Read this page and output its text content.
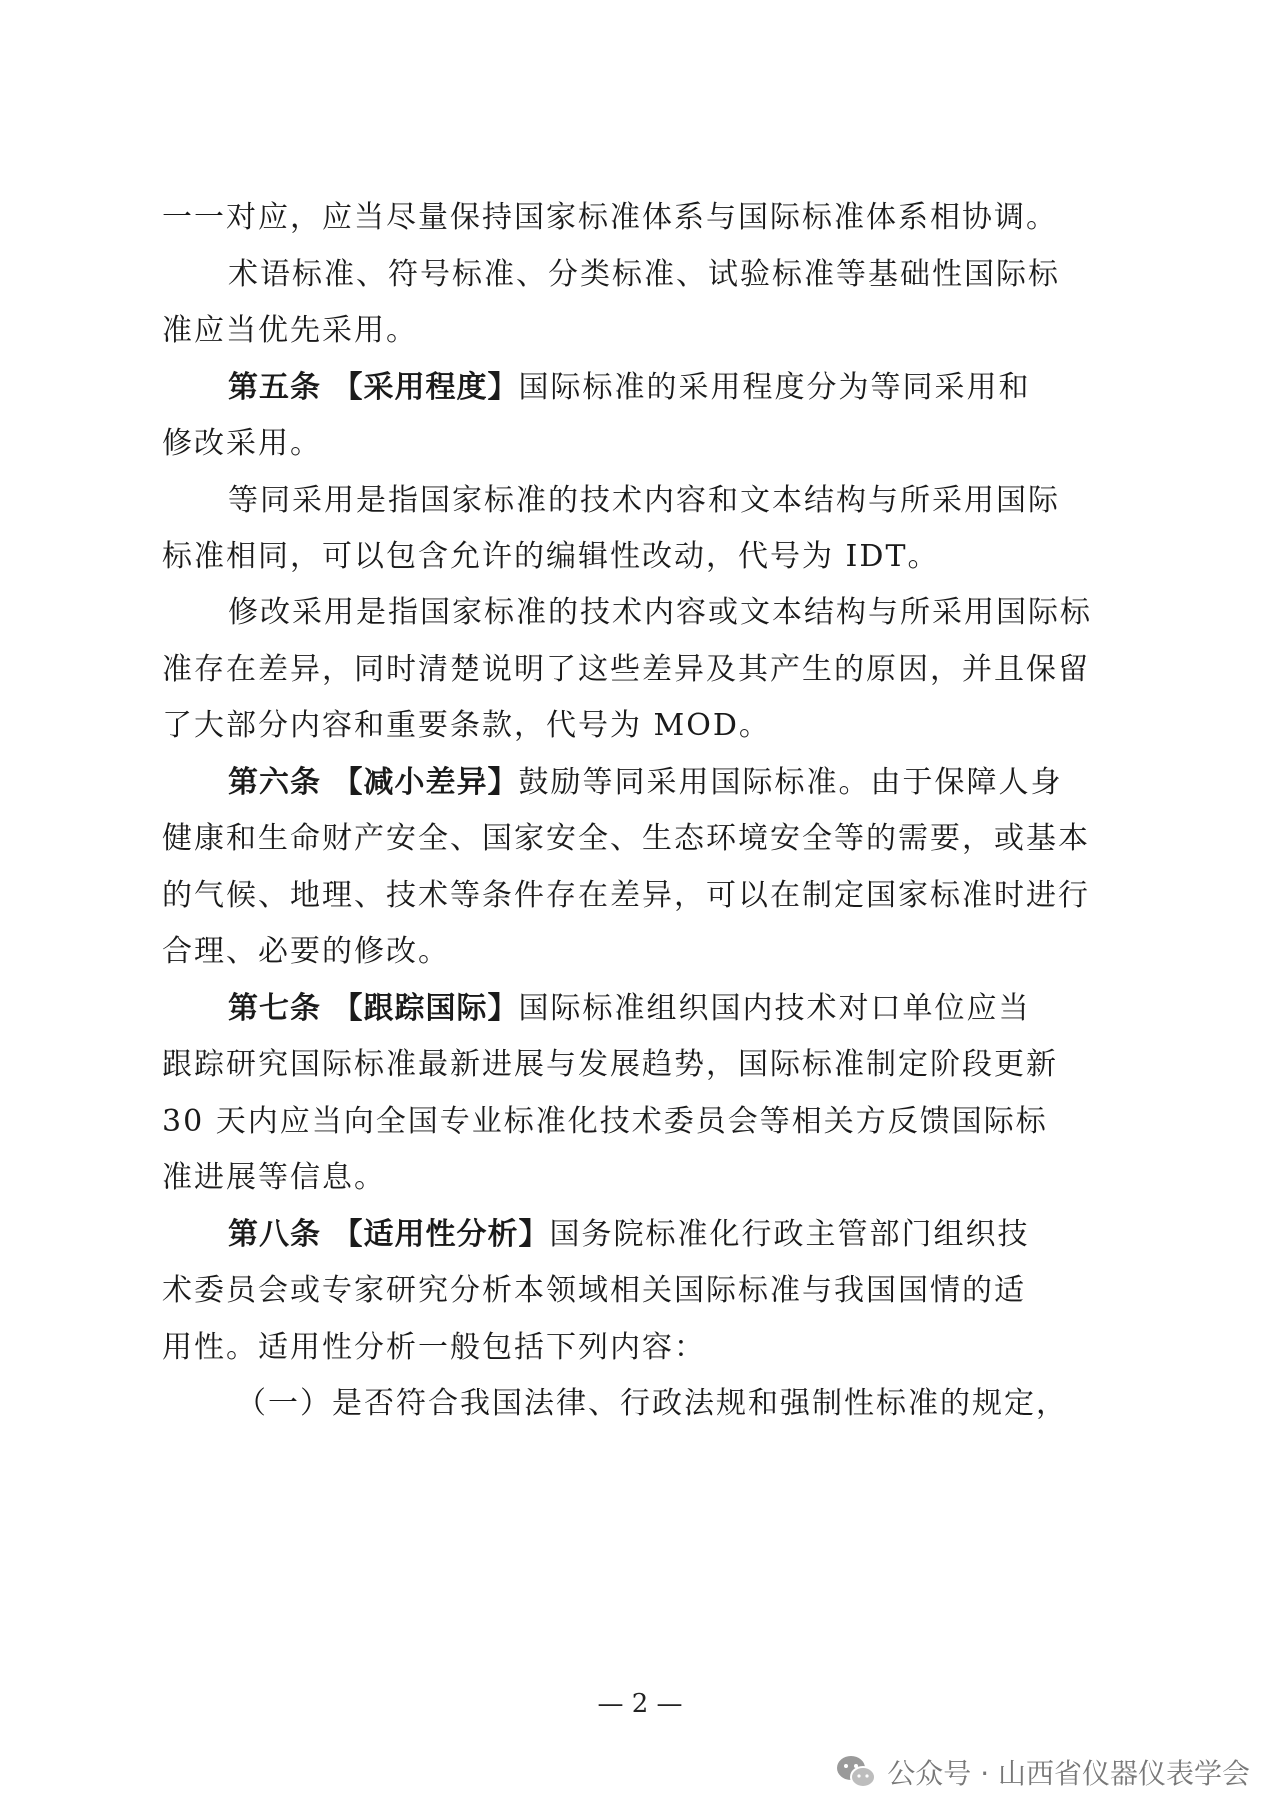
一一对应，应当尽量保持国家标准体系与国际标准体系相协调。
术语标准、符号标准、分类标准、试验标准等基础性国际标
准应当优先采用。
第五条 【采用程度】国际标准的采用程度分为等同采用和
修改采用。
等同采用是指国家标准的技术内容和文本结构与所采用国际
标准相同，可以包含允许的编辑性改动，代号为 IDT。
修改采用是指国家标准的技术内容或文本结构与所采用国际标
准存在差异，同时清楚说明了这些差异及其产生的原因，并且保留
了大部分内容和重要条款，代号为 MOD。
第六条 【减小差异】鼓励等同采用国际标准。由于保障人身
健康和生命财产安全、国家安全、生态环境安全等的需要，或基本
的气候、地理、技术等条件存在差异，可以在制定国家标准时进行
合理、必要的修改。
第七条 【跟踪国际】国际标准组织国内技术对口单位应当
跟踪研究国际标准最新进展与发展趋势，国际标准制定阶段更新
30 天内应当向全国专业标准化技术委员会等相关方反馈国际标
准进展等信息。
第八条 【适用性分析】国务院标准化行政主管部门组织技
术委员会或专家研究分析本领域相关国际标准与我国国情的适
用性。适用性分析一般包括下列内容：
（一）是否符合我国法律、行政法规和强制性标准的规定，
— 2 —
公众号 · 山西省仪器仪表学会
